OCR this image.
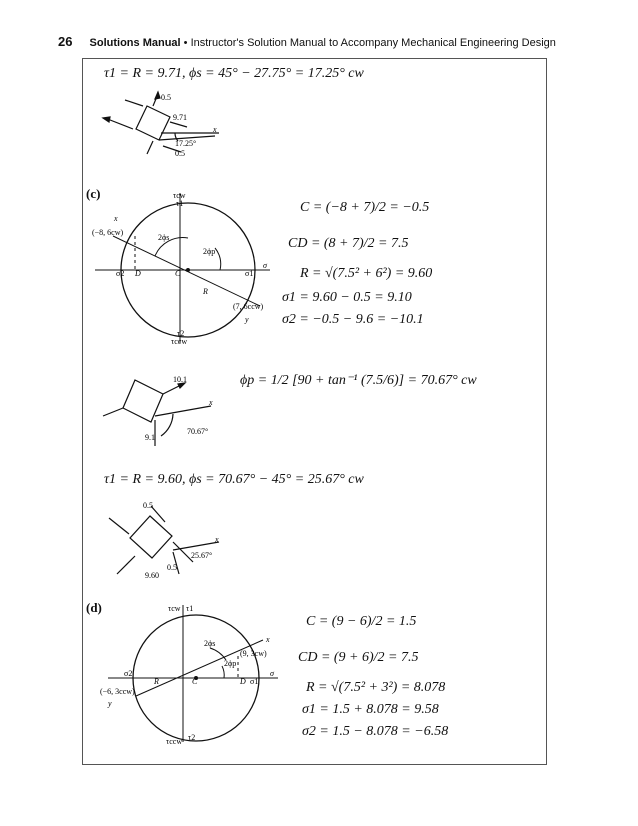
26 Solutions Manual • Instructor's Solution Manual to Accompany Mechanical Engineering Design
τ1 = R = 9.71, ϕs = 45° − 27.75° = 17.25° cw
0.5
9.71
17.25°
0.5
x
(c)	τcw
τ1
x
(−8, 6cw)
2ϕs
2ϕp
σ2 D	C	σ1
σ
R
(7, 6ccw)
y
τ2
τccw
C = (−8 + 7)/2 = −0.5
CD = (8 + 7)/2 = 7.5
R = √(7.5² + 6²) = 9.60
σ1 = 9.60 − 0.5 = 9.10
σ2 = −0.5 − 9.6 = −10.1
10.1
9.1
70.67°
x
ϕp = 1/2 [90 + tan⁻¹ (7.5/6)] = 70.67° cw
τ1 = R = 9.60, ϕs = 70.67° − 45° = 25.67° cw
0.5
25.67°
0.5
9.60
x
(d)	τcw τ1
x
(9, 3cw)
2ϕs
2ϕp
σ2
R	C	D σ1
σ
(−6, 3ccw)
y
τccw τ2
C = (9 − 6)/2 = 1.5
CD = (9 + 6)/2 = 7.5
R = √(7.5² + 3²) = 8.078
σ1 = 1.5 + 8.078 = 9.58
σ2 = 1.5 − 8.078 = −6.58
